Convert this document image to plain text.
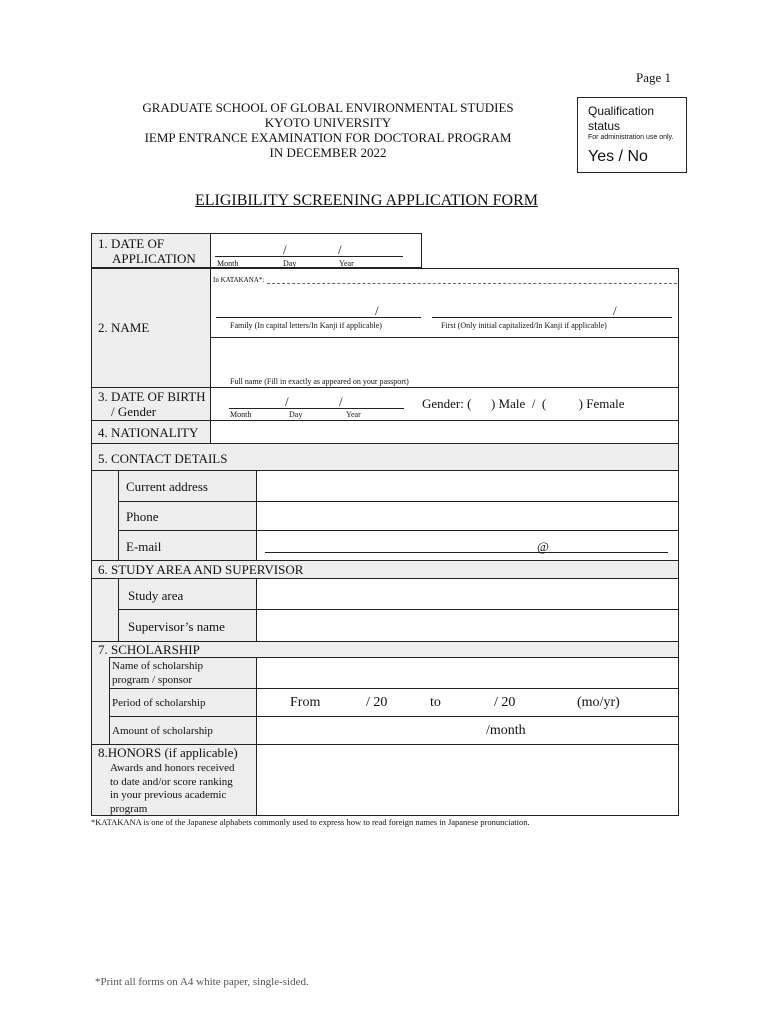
Page 1
GRADUATE SCHOOL OF GLOBAL ENVIRONMENTAL STUDIES
KYOTO UNIVERSITY
IEMP ENTRANCE EXAMINATION FOR DOCTORAL PROGRAM
IN DECEMBER 2022
Qualification
status
For administration use only.
Yes / No
ELIGIBILITY SCREENING APPLICATION FORM
1. DATE OF
APPLICATION
/	/
Month	Day	Year
2. NAME
In KATAKANA*:
/	/
Family (In capital letters/In Kanji if applicable)	First (Only initial capitalized/In Kanji if applicable)
Full name (Fill in exactly as appeared on your passport)
3. DATE OF BIRTH
/ Gender
/	/
Month	Day	Year
Gender: (      ) Male  /  (          ) Female
4. NATIONALITY
5. CONTACT DETAILS
Current address
Phone
E-mail	@
6. STUDY AREA AND SUPERVISOR
Study area
Supervisor’s name
7. SCHOLARSHIP
Name of scholarship
program / sponsor
Period of scholarship	From	/ 20	to	/ 20	(mo/yr)
Amount of scholarship	/month
8.HONORS (if applicable)
Awards and honors received
to date and/or score ranking
in your previous academic
program
*KATAKANA is one of the Japanese alphabets commonly used to express how to read foreign names in Japanese pronunciation.
*Print all forms on A4 white paper, single-sided.
